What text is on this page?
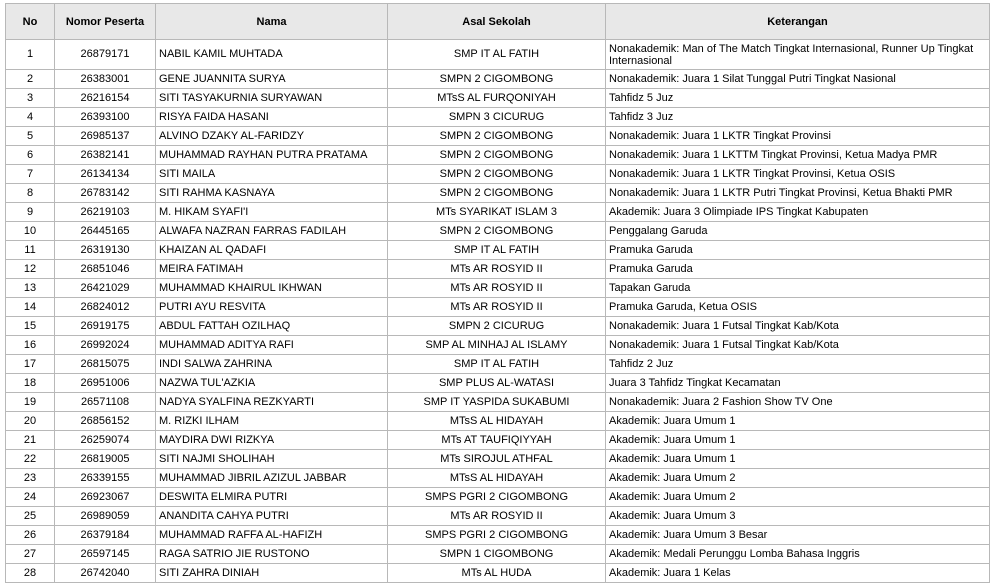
No	Nomor Peserta	Nama	Asal Sekolah	Keterangan
1	26879171	NABIL KAMIL MUHTADA	SMP IT AL FATIH	Nonakademik: Man of The Match Tingkat Internasional, Runner Up Tingkat Internasional
2	26383001	GENE JUANNITA SURYA	SMPN 2 CIGOMBONG	Nonakademik: Juara 1 Silat Tunggal Putri Tingkat Nasional
3	26216154	SITI TASYAKURNIA SURYAWAN	MTsS AL FURQONIYAH	Tahfidz 5 Juz
4	26393100	RISYA FAIDA HASANI	SMPN 3 CICURUG	Tahfidz 3 Juz
5	26985137	ALVINO DZAKY AL-FARIDZY	SMPN 2 CIGOMBONG	Nonakademik: Juara 1 LKTR Tingkat Provinsi
6	26382141	MUHAMMAD RAYHAN PUTRA PRATAMA	SMPN 2 CIGOMBONG	Nonakademik: Juara 1 LKTTM Tingkat Provinsi, Ketua Madya PMR
7	26134134	SITI MAILA	SMPN 2 CIGOMBONG	Nonakademik: Juara 1 LKTR Tingkat Provinsi, Ketua OSIS
8	26783142	SITI RAHMA KASNAYA	SMPN 2 CIGOMBONG	Nonakademik: Juara 1 LKTR Putri Tingkat Provinsi, Ketua Bhakti PMR
9	26219103	M. HIKAM SYAFI'I	MTs SYARIKAT ISLAM 3	Akademik: Juara 3 Olimpiade IPS Tingkat Kabupaten
10	26445165	ALWAFA NAZRAN FARRAS FADILAH	SMPN 2 CIGOMBONG	Penggalang Garuda
11	26319130	KHAIZAN AL QADAFI	SMP IT AL FATIH	Pramuka Garuda
12	26851046	MEIRA FATIMAH	MTs AR ROSYID II	Pramuka Garuda
13	26421029	MUHAMMAD KHAIRUL IKHWAN	MTs AR ROSYID II	Tapakan Garuda
14	26824012	PUTRI AYU RESVITA	MTs AR ROSYID II	Pramuka Garuda, Ketua OSIS
15	26919175	ABDUL FATTAH OZILHAQ	SMPN 2 CICURUG	Nonakademik: Juara 1 Futsal Tingkat Kab/Kota
16	26992024	MUHAMMAD ADITYA RAFI	SMP AL MINHAJ AL ISLAMY	Nonakademik: Juara 1 Futsal Tingkat Kab/Kota
17	26815075	INDI SALWA ZAHRINA	SMP IT AL FATIH	Tahfidz 2 Juz
18	26951006	NAZWA TUL'AZKIA	SMP PLUS AL-WATASI	Juara 3 Tahfidz Tingkat Kecamatan
19	26571108	NADYA SYALFINA REZKYARTI	SMP IT YASPIDA SUKABUMI	Nonakademik: Juara 2 Fashion Show TV One
20	26856152	M. RIZKI ILHAM	MTsS AL HIDAYAH	Akademik: Juara Umum 1
21	26259074	MAYDIRA DWI RIZKYA	MTs AT TAUFIQIYYAH	Akademik: Juara Umum 1
22	26819005	SITI NAJMI SHOLIHAH	MTs SIROJUL ATHFAL	Akademik: Juara Umum 1
23	26339155	MUHAMMAD JIBRIL AZIZUL JABBAR	MTsS AL HIDAYAH	Akademik: Juara Umum 2
24	26923067	DESWITA ELMIRA PUTRI	SMPS PGRI 2 CIGOMBONG	Akademik: Juara Umum 2
25	26989059	ANANDITA CAHYA PUTRI	MTs AR ROSYID II	Akademik: Juara Umum 3
26	26379184	MUHAMMAD RAFFA AL-HAFIZH	SMPS PGRI 2 CIGOMBONG	Akademik: Juara Umum 3 Besar
27	26597145	RAGA SATRIO JIE RUSTONO	SMPN 1 CIGOMBONG	Akademik: Medali Perunggu Lomba Bahasa Inggris
28	26742040	SITI ZAHRA DINIAH	MTs AL HUDA	Akademik: Juara 1 Kelas
